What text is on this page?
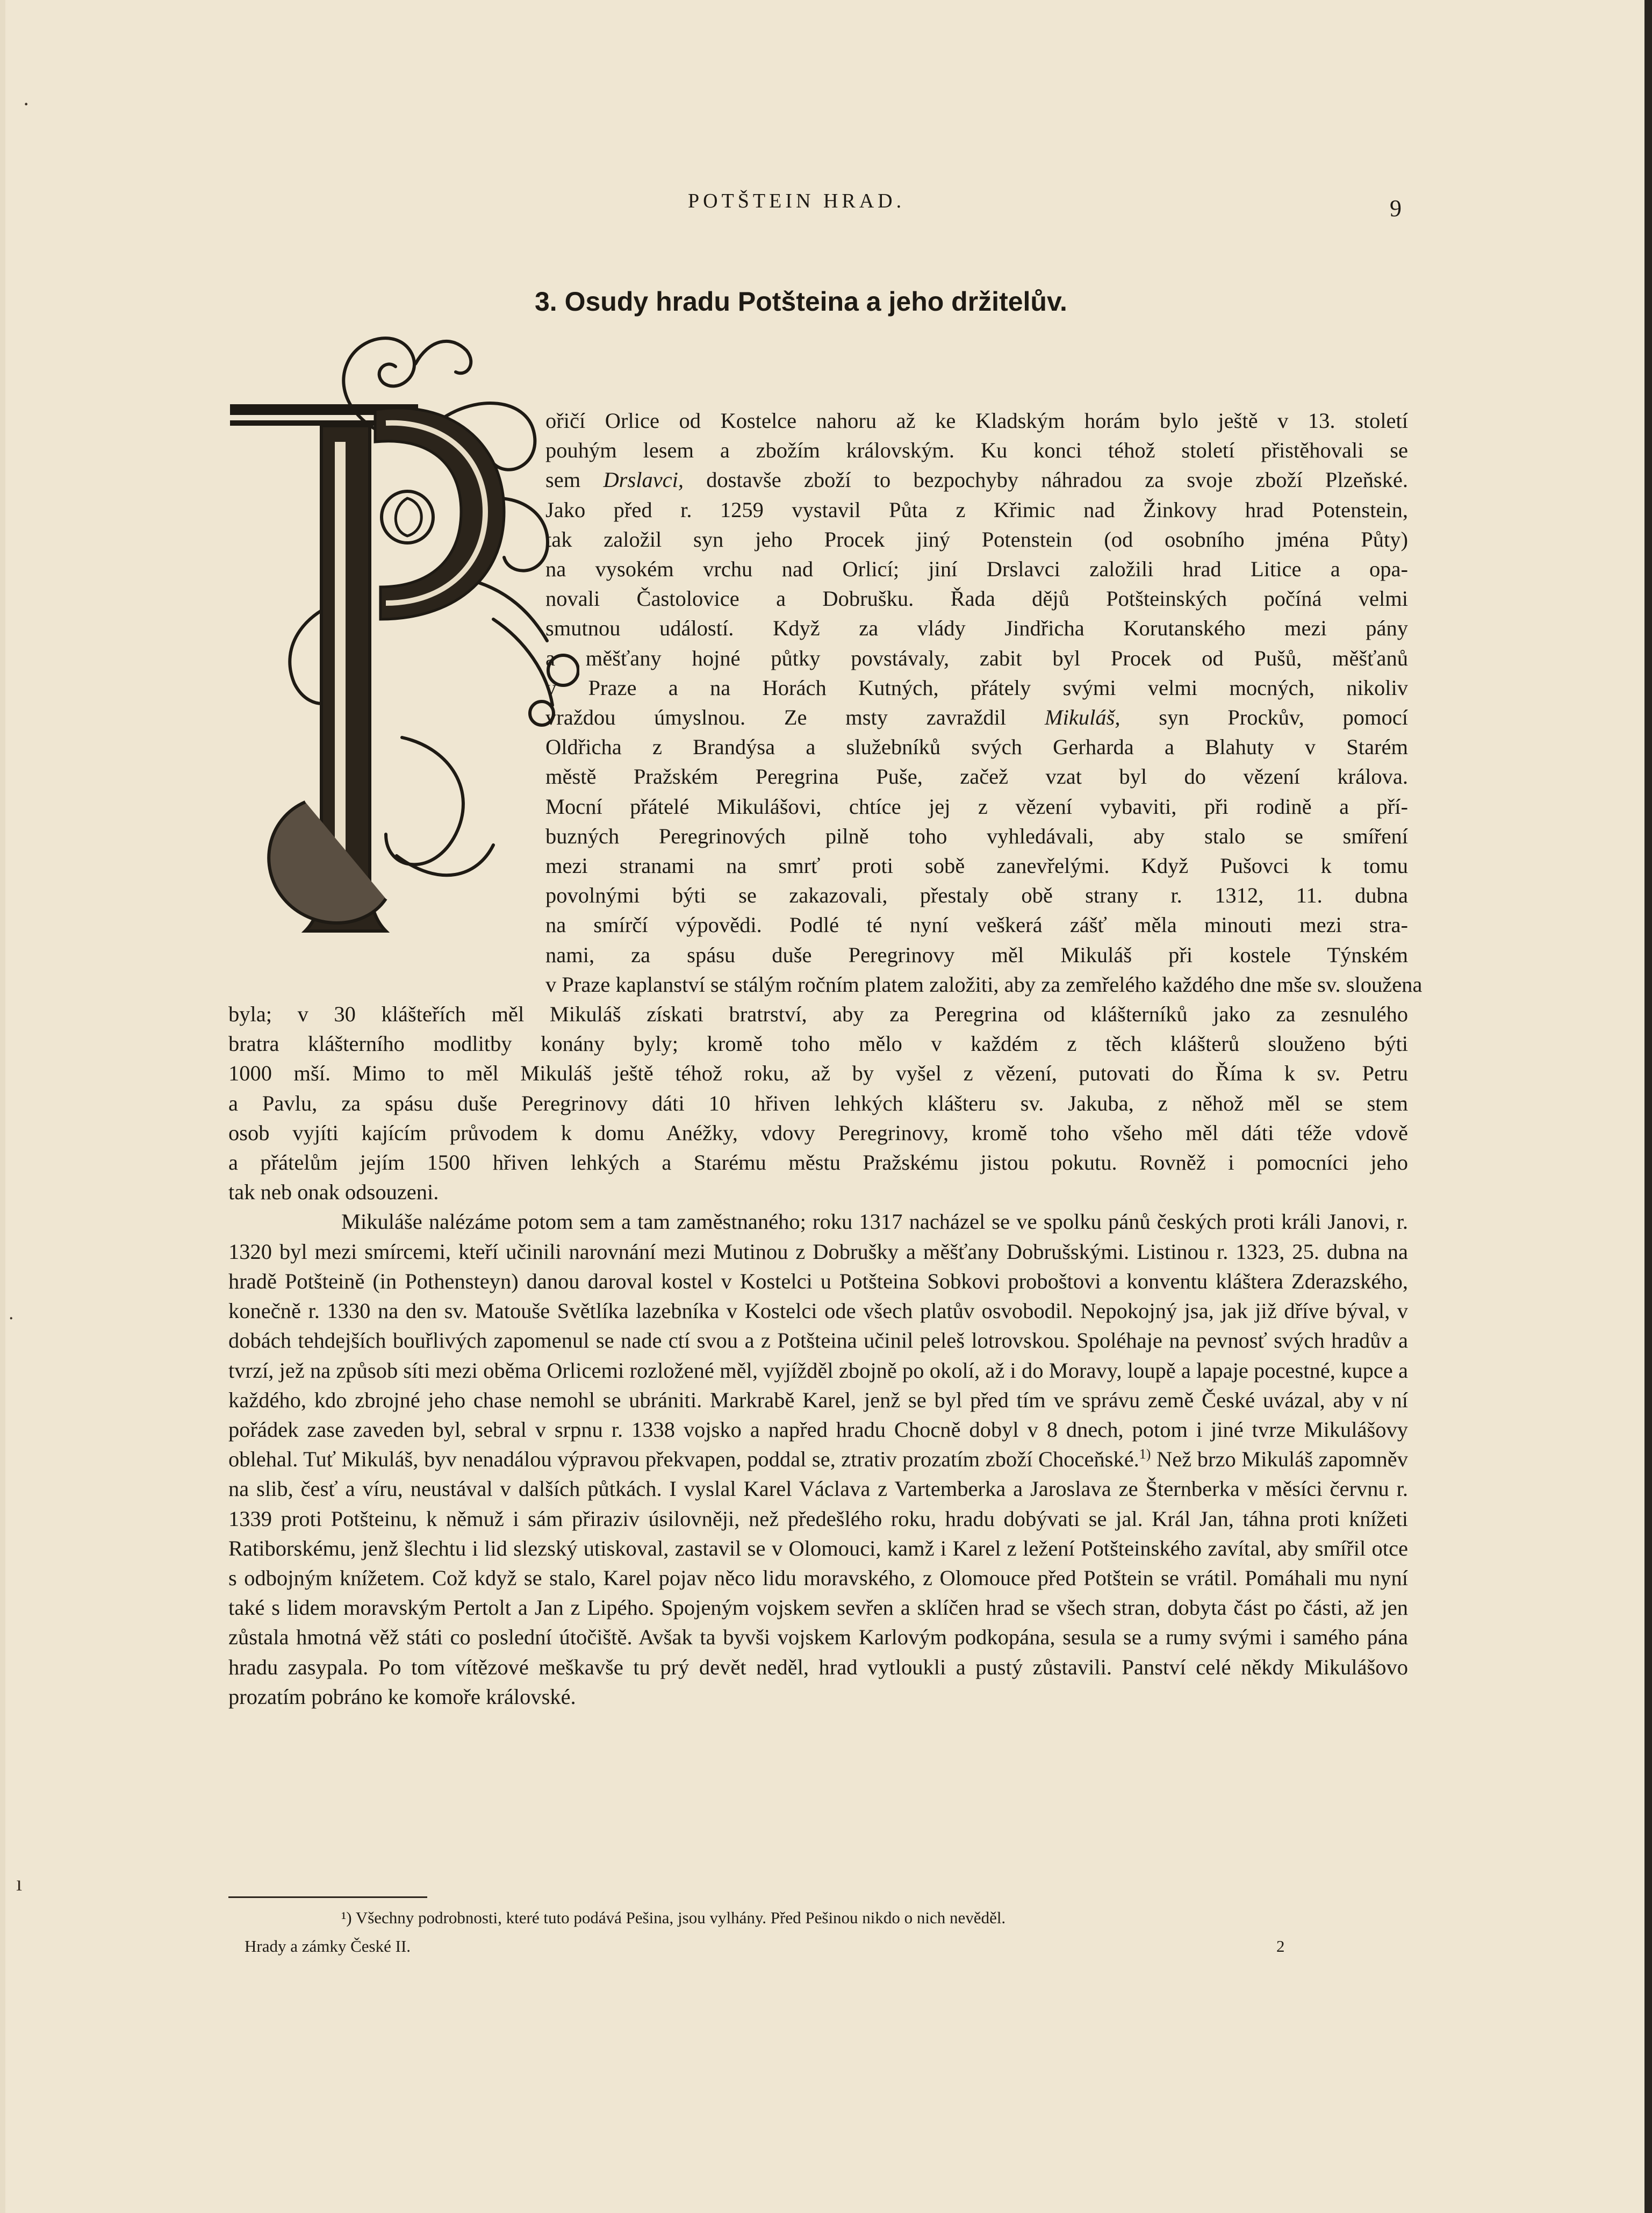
·
˙
ı
POTŠTEIN HRAD.	9
3. Osudy hradu Potšteina a jeho držitelův.
ořičí Orlice od Kostelce nahoru až ke Kladským horám bylo ještě v 13. století
pouhým lesem a zbožím královským. Ku konci téhož století přistěhovali se
sem Drslavci, dostavše zboží to bezpochyby náhradou za svoje zboží Plzeňské.
Jako před r. 1259 vystavil Půta z Křimic nad Žinkovy hrad Potenstein,
tak založil syn jeho Procek jiný Potenstein (od osobního jména Půty)
na vysokém vrchu nad Orlicí; jiní Drslavci založili hrad Litice a opa-
novali Častolovice a Dobrušku. Řada dějů Potšteinských počíná velmi
smutnou událostí. Když za vlády Jindřicha Korutanského mezi pány
a měšťany hojné půtky povstávaly, zabit byl Procek od Pušů, měšťanů
v Praze a na Horách Kutných, přátely svými velmi mocných, nikoliv
vraždou úmyslnou. Ze msty zavraždil Mikuláš, syn Prockův, pomocí
Oldřicha z Brandýsa a služebníků svých Gerharda a Blahuty v Starém
městě Pražském Peregrina Puše, začež vzat byl do vězení králova.
Mocní přátelé Mikulášovi, chtíce jej z vězení vybaviti, při rodině a pří-
buzných Peregrinových pilně toho vyhledávali, aby stalo se smíření
mezi stranami na smrť proti sobě zanevřelými. Když Pušovci k tomu
povolnými býti se zakazovali, přestaly obě strany r. 1312, 11. dubna
na smírčí výpovědi. Podlé té nyní veškerá zášť měla minouti mezi stra-
nami, za spásu duše Peregrinovy měl Mikuláš při kostele Týnském
v Praze kaplanství se stálým ročním platem založiti, aby za zemřelého každého dne mše sv. sloužena
byla; v 30 klášteřích měl Mikuláš získati bratrství, aby za Peregrina od klášterníků jako za zesnulého
bratra klášterního modlitby konány byly; kromě toho mělo v každém z těch klášterů slouženo býti
1000 mší. Mimo to měl Mikuláš ještě téhož roku, až by vyšel z vězení, putovati do Říma k sv. Petru
a Pavlu, za spásu duše Peregrinovy dáti 10 hřiven lehkých klášteru sv. Jakuba, z něhož měl se stem
osob vyjíti kajícím průvodem k domu Anéžky, vdovy Peregrinovy, kromě toho všeho měl dáti téže vdově
a přátelům jejím 1500 hřiven lehkých a Starému městu Pražskému jistou pokutu. Rovněž i pomocníci jeho
tak neb onak odsouzeni.
Mikuláše nalézáme potom sem a tam zaměstnaného; roku 1317 nacházel se ve spolku pánů českých proti králi Janovi, r. 1320 byl mezi smírcemi, kteří učinili narovnání mezi Mutinou z Dobrušky a měšťany Dobrušskými. Listinou r. 1323, 25. dubna na hradě Potšteině (in Pothensteyn) danou daroval kostel v Kostelci u Potšteina Sobkovi proboštovi a konventu kláštera Zderazského, konečně r. 1330 na den sv. Matouše Světlíka lazebníka v Kostelci ode všech platův osvobodil. Nepokojný jsa, jak již dříve býval, v dobách tehdejších bouřlivých zapomenul se nade ctí svou a z Potšteina učinil peleš lotrovskou. Spoléhaje na pevnosť svých hradův a tvrzí, jež na způsob síti mezi oběma Orlicemi rozložené měl, vyjížděl zbojně po okolí, až i do Moravy, loupě a lapaje pocestné, kupce a každého, kdo zbrojné jeho chase nemohl se ubrániti. Markrabě Karel, jenž se byl před tím ve správu země České uvázal, aby v ní pořádek zase zaveden byl, sebral v srpnu r. 1338 vojsko a napřed hradu Chocně dobyl v 8 dnech, potom i jiné tvrze Mikulášovy oblehal. Tuť Mikuláš, byv nenadálou výpravou překvapen, poddal se, ztrativ prozatím zboží Choceňské.$^{1)}$ Než brzo Mikuláš zapomněv na slib, česť a víru, neustával v dalších půtkách. I vyslal Karel Václava z Vartemberka a Jaroslava ze Šternberka v měsíci červnu r. 1339 proti Potšteinu, k němuž i sám přiraziv úsilovněji, než předešlého roku, hradu dobývati se jal. Král Jan, táhna proti knížeti Ratiborskému, jenž šlechtu i lid slezský utiskoval, zastavil se v Olomouci, kamž i Karel z ležení Potšteinského zavítal, aby smířil otce s odbojným knížetem. Což když se stalo, Karel pojav něco lidu moravského, z Olomouce před Potštein se vrátil. Pomáhali mu nyní také s lidem moravským Pertolt a Jan z Lipého. Spojeným vojskem sevřen a sklíčen hrad se všech stran, dobyta část po části, až jen zůstala hmotná věž státi co poslední útočiště. Avšak ta byvši vojskem Karlovým podkopána, sesula se a rumy svými i samého pána hradu zasypala. Po tom vítězové meškavše tu prý devět neděl, hrad vytloukli a pustý zůstavili. Panství celé někdy Mikulášovo prozatím pobráno ke komoře královské.
¹) Všechny podrobnosti, které tuto podává Pešina, jsou vylhány. Před Pešinou nikdo o nich nevěděl.
Hrady a zámky České II.	2
